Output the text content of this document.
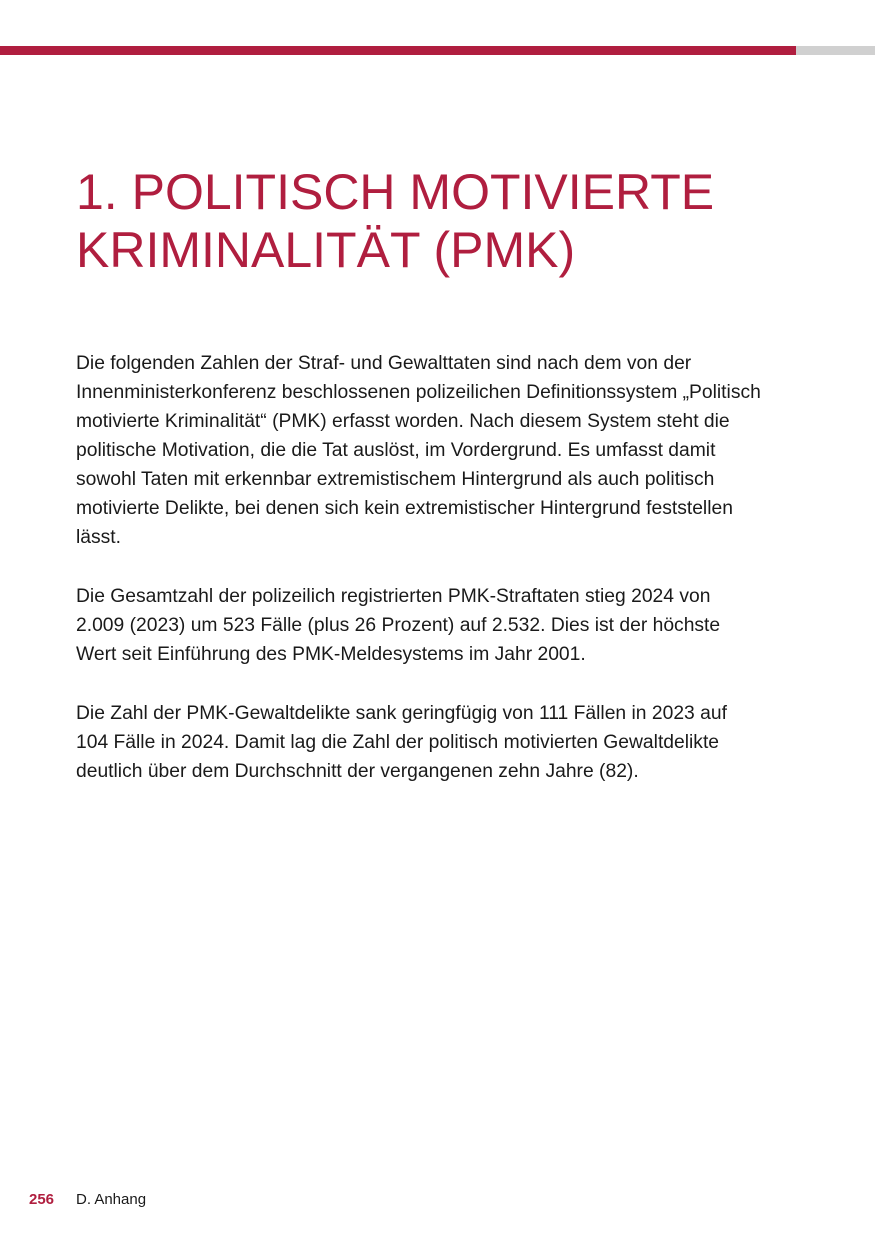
1. POLITISCH MOTIVIERTE
KRIMINALITÄT (PMK)

Die folgenden Zahlen der Straf- und Gewalttaten sind nach dem von der
Innenministerkonferenz beschlossenen polizeilichen Definitionssystem „Politisch
motivierte Kriminalität“ (PMK) erfasst worden. Nach diesem System steht die
politische Motivation, die die Tat auslöst, im Vordergrund. Es umfasst damit
sowohl Taten mit erkennbar extremistischem Hintergrund als auch politisch
motivierte Delikte, bei denen sich kein extremistischer Hintergrund feststellen
lässt.

Die Gesamtzahl der polizeilich registrierten PMK-Straftaten stieg 2024 von
2.009 (2023) um 523 Fälle (plus 26 Prozent) auf 2.532. Dies ist der höchste
Wert seit Einführung des PMK-Meldesystems im Jahr 2001.

Die Zahl der PMK-Gewaltdelikte sank geringfügig von 111 Fällen in 2023 auf
104 Fälle in 2024. Damit lag die Zahl der politisch motivierten Gewaltdelikte
deutlich über dem Durchschnitt der vergangenen zehn Jahre (82).

256 D. Anhang
